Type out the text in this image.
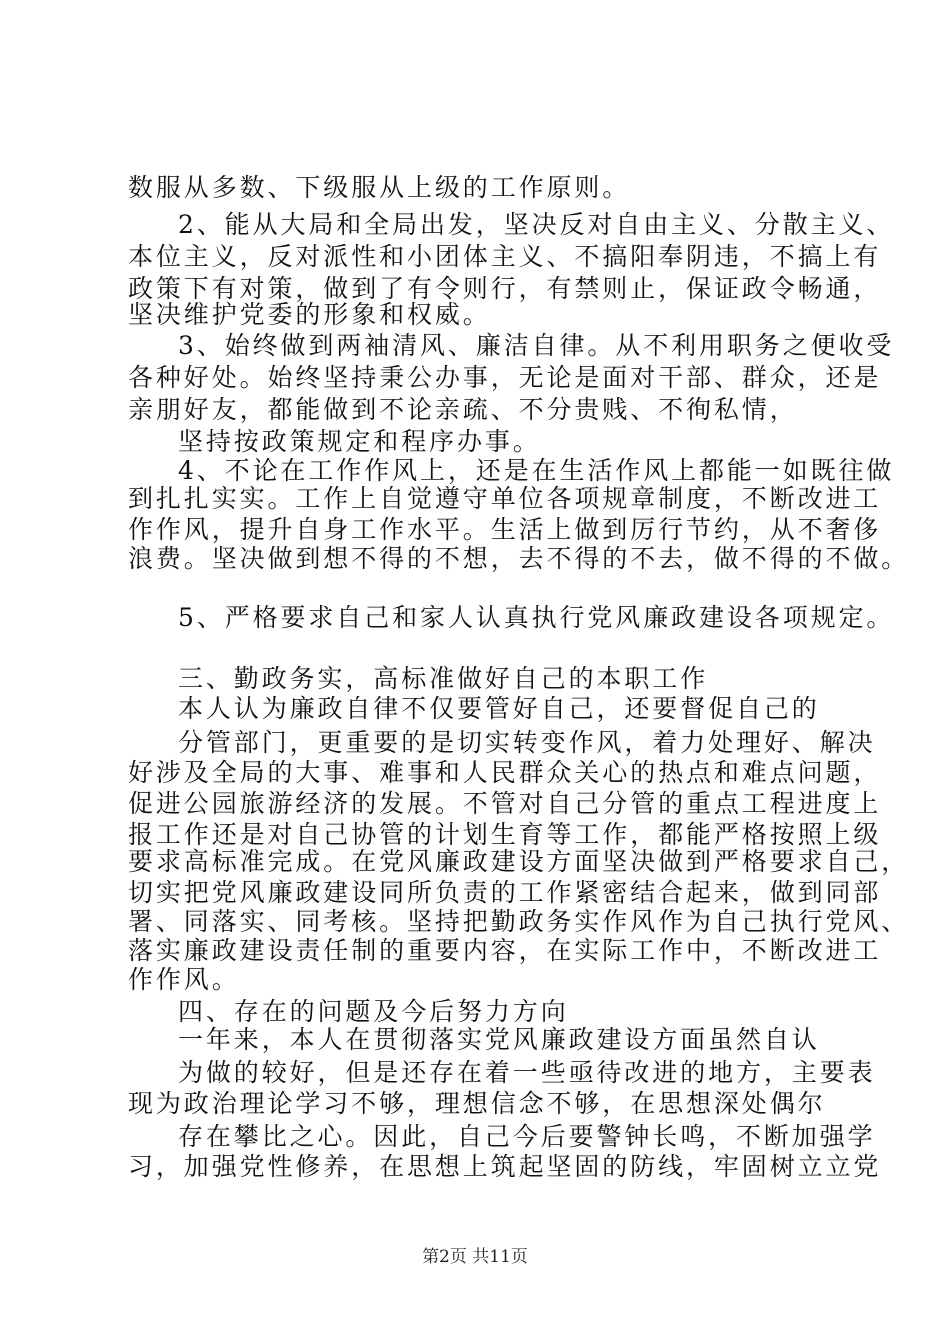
数服从多数、下级服从上级的工作原则。
2、能从大局和全局出发，坚决反对自由主义、分散主义、
本位主义，反对派性和小团体主义、不搞阳奉阴违，不搞上有
政策下有对策，做到了有令则行，有禁则止，保证政令畅通，
坚决维护党委的形象和权威。
3、始终做到两袖清风、廉洁自律。从不利用职务之便收受
各种好处。始终坚持秉公办事，无论是面对干部、群众，还是
亲朋好友，都能做到不论亲疏、不分贵贱、不徇私情，
坚持按政策规定和程序办事。
4、不论在工作作风上，还是在生活作风上都能一如既往做
到扎扎实实。工作上自觉遵守单位各项规章制度，不断改进工
作作风，提升自身工作水平。生活上做到厉行节约，从不奢侈
浪费。坚决做到想不得的不想，去不得的不去，做不得的不做。
5、严格要求自己和家人认真执行党风廉政建设各项规定。
三、勤政务实，高标准做好自己的本职工作
本人认为廉政自律不仅要管好自己，还要督促自己的
分管部门，更重要的是切实转变作风，着力处理好、解决
好涉及全局的大事、难事和人民群众关心的热点和难点问题，
促进公园旅游经济的发展。不管对自己分管的重点工程进度上
报工作还是对自己协管的计划生育等工作，都能严格按照上级
要求高标准完成。在党风廉政建设方面坚决做到严格要求自己，
切实把党风廉政建设同所负责的工作紧密结合起来，做到同部
署、同落实、同考核。坚持把勤政务实作风作为自己执行党风、
落实廉政建设责任制的重要内容，在实际工作中，不断改进工
作作风。
四、存在的问题及今后努力方向
一年来，本人在贯彻落实党风廉政建设方面虽然自认
为做的较好，但是还存在着一些亟待改进的地方，主要表
现为政治理论学习不够，理想信念不够，在思想深处偶尔
存在攀比之心。因此，自己今后要警钟长鸣，不断加强学
习，加强党性修养，在思想上筑起坚固的防线，牢固树立立党
第2页 共11页
